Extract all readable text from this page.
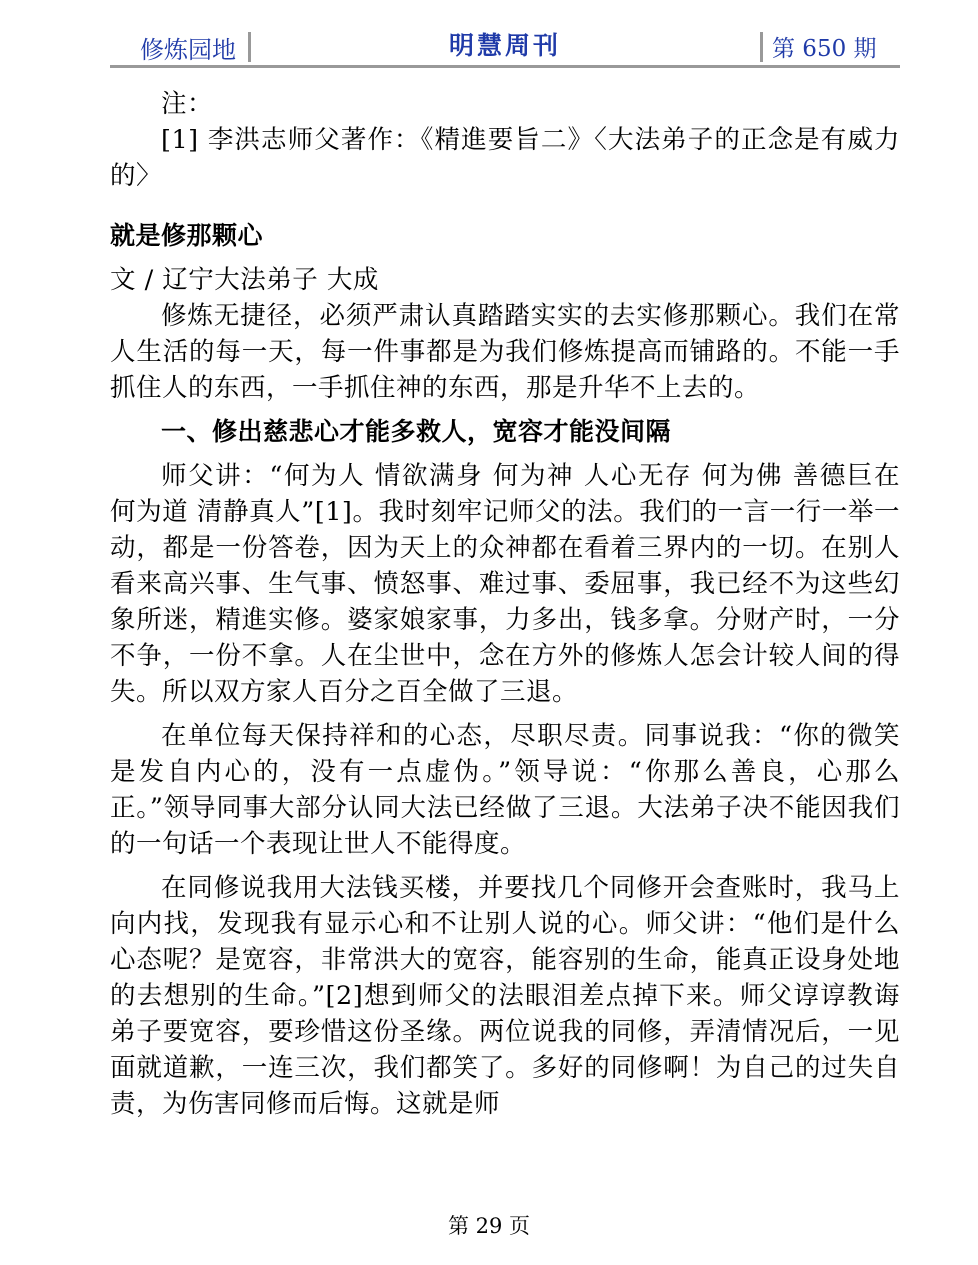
修炼园地	明慧周刊	第 650 期

注：

[1] 李洪志师父著作：《精進要旨二》〈大法弟子的正念是有威力的〉

就是修那颗心

文 / 辽宁大法弟子 大成

修炼无捷径，必须严肃认真踏踏实实的去实修那颗心。我们在常人生活的每一天，每一件事都是为我们修炼提高而铺路的。不能一手抓住人的东西，一手抓住神的东西，那是升华不上去的。

一、修出慈悲心才能多救人，宽容才能没间隔

师父讲：“何为人 情欲满身 何为神 人心无存 何为佛 善德巨在 何为道 清静真人”[1]。我时刻牢记师父的法。我们的一言一行一举一动，都是一份答卷，因为天上的众神都在看着三界内的一切。在别人看来高兴事、生气事、愤怒事、难过事、委屈事，我已经不为这些幻象所迷，精進实修。婆家娘家事，力多出，钱多拿。分财产时，一分不争，一份不拿。人在尘世中，念在方外的修炼人怎会计较人间的得失。所以双方家人百分之百全做了三退。

在单位每天保持祥和的心态，尽职尽责。同事说我：“你的微笑是发自内心的，没有一点虚伪。”领导说：“你那么善良，心那么正。”领导同事大部分认同大法已经做了三退。大法弟子决不能因我们的一句话一个表现让世人不能得度。

在同修说我用大法钱买楼，并要找几个同修开会查账时，我马上向内找，发现我有显示心和不让别人说的心。师父讲：“他们是什么心态呢？是宽容，非常洪大的宽容，能容别的生命，能真正设身处地的去想别的生命。”[2]想到师父的法眼泪差点掉下来。师父谆谆教诲弟子要宽容，要珍惜这份圣缘。两位说我的同修，弄清情况后，一见面就道歉，一连三次，我们都笑了。多好的同修啊！为自己的过失自责，为伤害同修而后悔。这就是师

第 29 页
